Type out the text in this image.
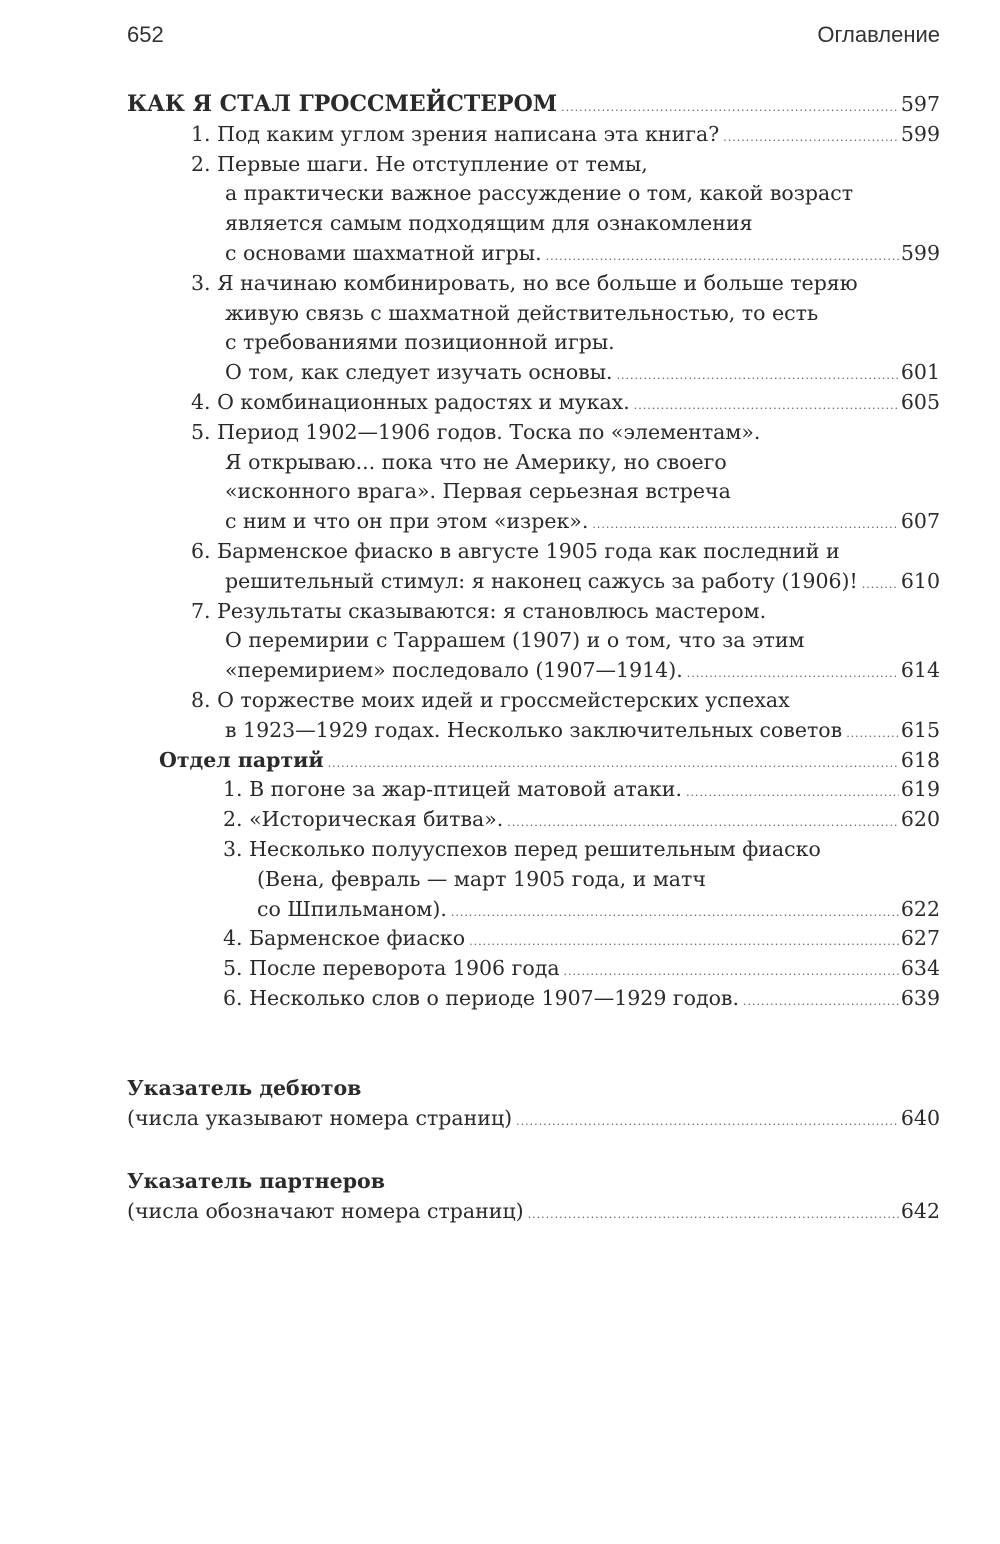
652	Оглавление
КАК Я СТАЛ ГРОССМЕЙСТЕРОМ .....	597
1. Под каким углом зрения написана эта книга? .....	599
2. Первые шаги. Не отступление от темы,
а практически важное рассуждение о том, какой возраст
является самым подходящим для ознакомления
с основами шахматной игры. .....	599
3. Я начинаю комбинировать, но все больше и больше теряю
живую связь с шахматной действительностью, то есть
с требованиями позиционной игры.
О том, как следует изучать основы. .....	601
4. О комбинационных радостях и муках. .....	605
5. Период 1902—1906 годов. Тоска по «элементам».
Я открываю... пока что не Америку, но своего
«исконного врага». Первая серьезная встреча
с ним и что он при этом «изрек». .....	607
6. Барменское фиаско в августе 1905 года как последний и
решительный стимул: я наконец сажусь за работу (1906)! ..... 610
7. Результаты сказываются: я становлюсь мастером.
О перемирии с Таррашем (1907) и о том, что за этим
«перемирием» последовало (1907—1914). .....	614
8. О торжестве моих идей и гроссмейстерских успехах
в 1923—1929 годах. Несколько заключительных советов .....	615
Отдел партий .....	618
1. В погоне за жар-птицей матовой атаки. .....	619
2. «Историческая битва». .....	620
3. Несколько полууспехов перед решительным фиаско
(Вена, февраль — март 1905 года, и матч
со Шпильманом). .....	622
4. Барменское фиаско .....	627
5. После переворота 1906 года .....	634
6. Несколько слов о периоде 1907—1929 годов. .....	639
Указатель дебютов
(числа указывают номера страниц) .....	640
Указатель партнеров
(числа обозначают номера страниц) .....	642
